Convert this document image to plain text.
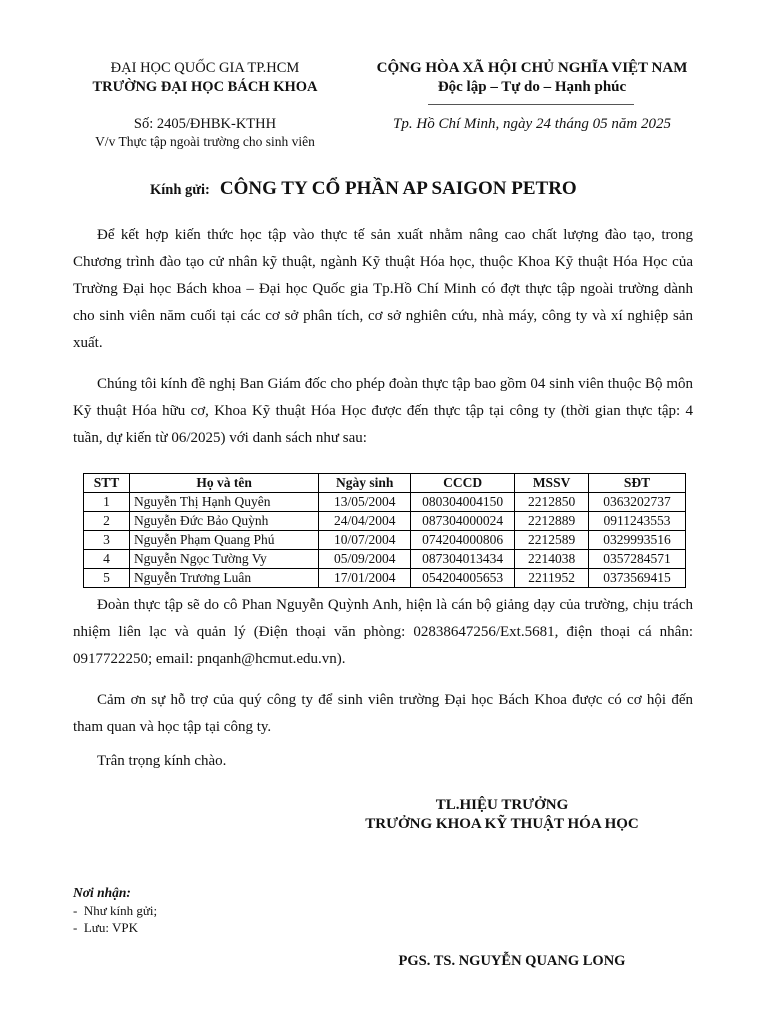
ĐẠI HỌC QUỐC GIA TP.HCM
TRƯỜNG ĐẠI HỌC BÁCH KHOA
Số: 2405/ĐHBK-KTHH
V/v Thực tập ngoài trường cho sinh viên
CỘNG HÒA XÃ HỘI CHỦ NGHĨA VIỆT NAM
Độc lập – Tự do – Hạnh phúc
Tp. Hồ Chí Minh, ngày 24 tháng 05 năm 2025
Kính gửi: CÔNG TY CỔ PHẦN AP SAIGON PETRO

Để kết hợp kiến thức học tập vào thực tế sản xuất nhằm nâng cao chất lượng đào tạo, trong Chương trình đào tạo cử nhân kỹ thuật, ngành Kỹ thuật Hóa học, thuộc Khoa Kỹ thuật Hóa Học của Trường Đại học Bách khoa – Đại học Quốc gia Tp.Hồ Chí Minh có đợt thực tập ngoài trường dành cho sinh viên năm cuối tại các cơ sở phân tích, cơ sở nghiên cứu, nhà máy, công ty và xí nghiệp sản xuất.

Chúng tôi kính đề nghị Ban Giám đốc cho phép đoàn thực tập bao gồm 04 sinh viên thuộc Bộ môn Kỹ thuật Hóa hữu cơ, Khoa Kỹ thuật Hóa Học được đến thực tập tại công ty (thời gian thực tập: 4 tuần, dự kiến từ 06/2025) với danh sách như sau:

STT	Họ và tên	Ngày sinh	CCCD	MSSV	SĐT
1	Nguyễn Thị Hạnh Quyên	13/05/2004	080304004150	2212850	0363202737
2	Nguyễn Đức Bảo Quỳnh	24/04/2004	087304000024	2212889	0911243553
3	Nguyễn Phạm Quang Phú	10/07/2004	074204000806	2212589	0329993516
4	Nguyễn Ngọc Tường Vy	05/09/2004	087304013434	2214038	0357284571
5	Nguyễn Trương Luân	17/01/2004	054204005653	2211952	0373569415

Đoàn thực tập sẽ do cô Phan Nguyễn Quỳnh Anh, hiện là cán bộ giảng dạy của trường, chịu trách nhiệm liên lạc và quản lý (Điện thoại văn phòng: 02838647256/Ext.5681, điện thoại cá nhân: 0917722250; email: pnqanh@hcmut.edu.vn).

Cảm ơn sự hỗ trợ của quý công ty để sinh viên trường Đại học Bách Khoa được có cơ hội đến tham quan và học tập tại công ty.

Trân trọng kính chào.
TL.HIỆU TRƯỞNG
TRƯỞNG KHOA KỸ THUẬT HÓA HỌC
PGS. TS. NGUYỄN QUANG LONG
Nơi nhận:
-  Như kính gửi;
-  Lưu: VPK
